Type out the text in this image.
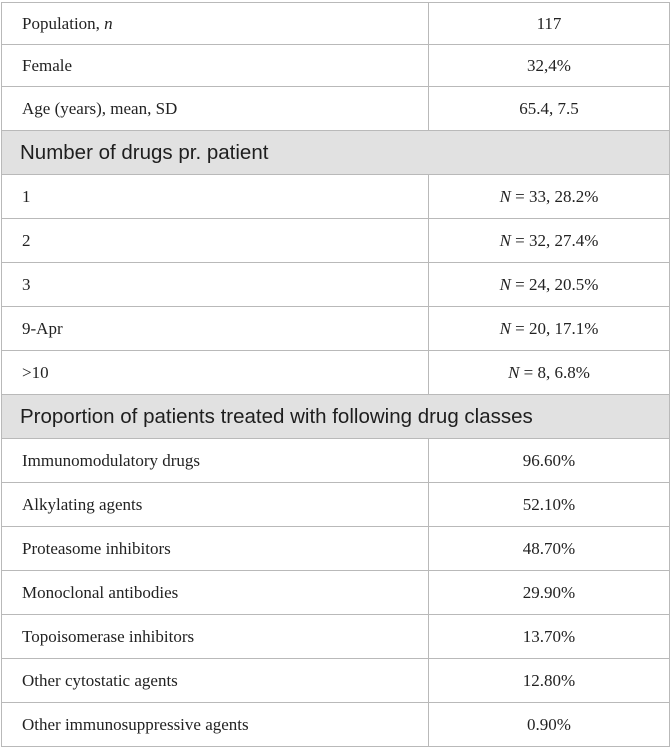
Population, n	117
Female	32,4%
Age (years), mean, SD	65.4, 7.5
Number of drugs pr. patient	
1	N = 33, 28.2%
2	N = 32, 27.4%
3	N = 24, 20.5%
9-Apr	N = 20, 17.1%
>10	N = 8, 6.8%
Proportion of patients treated with following drug classes	
Immunomodulatory drugs	96.60%
Alkylating agents	52.10%
Proteasome inhibitors	48.70%
Monoclonal antibodies	29.90%
Topoisomerase inhibitors	13.70%
Other cytostatic agents	12.80%
Other immunosuppressive agents	0.90%
